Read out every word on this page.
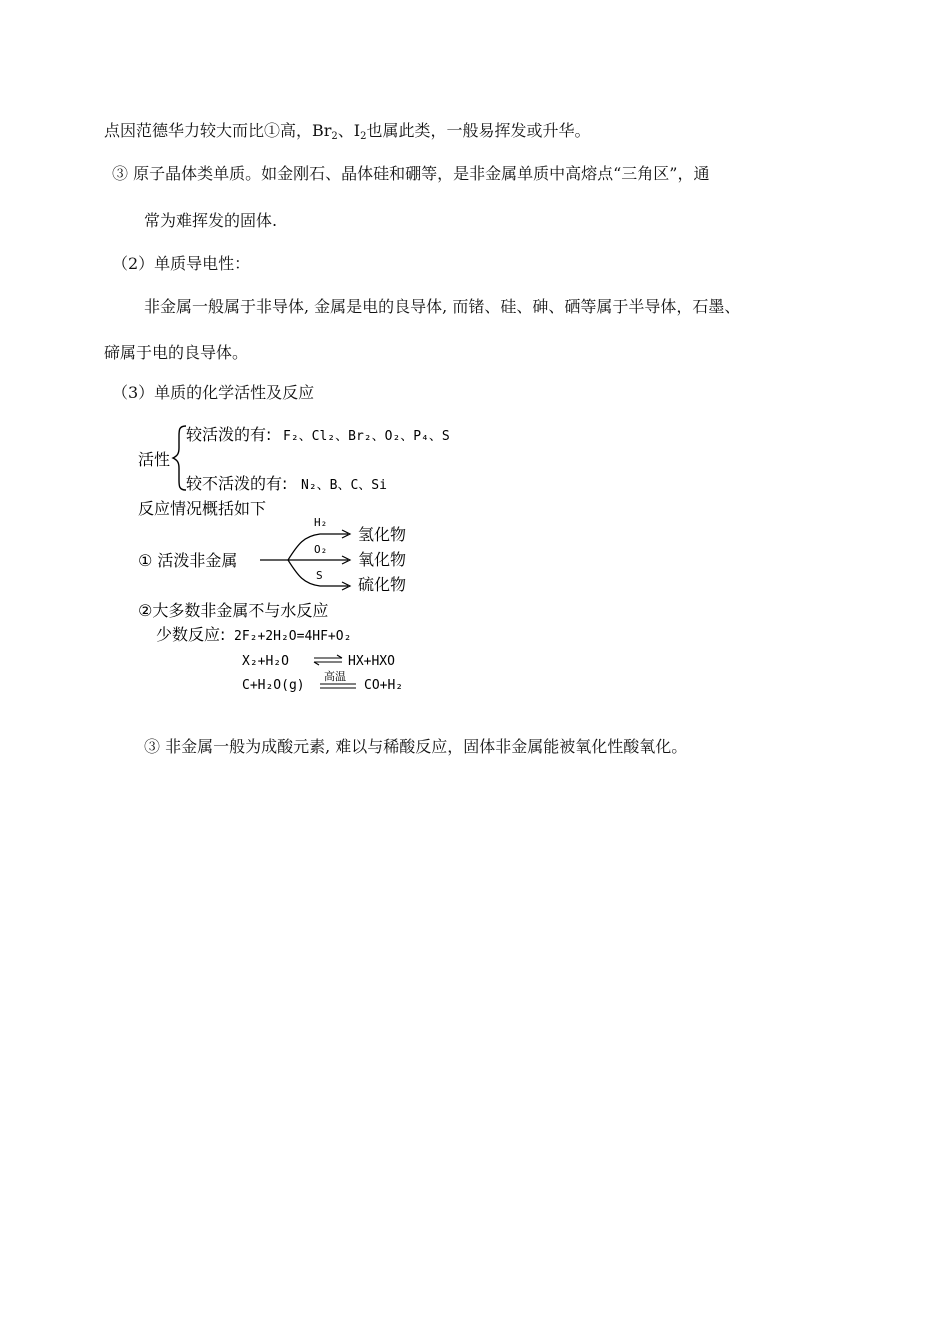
点因范德华力较大而比①高，$Br_2$、$I_2$也属此类，一般易挥发或升华。
③ 原子晶体类单质。如金刚石、晶体硅和硼等，是非金属单质中高熔点“三角区”，通
常为难挥发的固体.
（2）单质导电性：
非金属一般属于非导体, 金属是电的良导体, 而锗、硅、砷、硒等属于半导体，石墨、
碲属于电的良导体。
（3）单质的化学活性及反应
活性
较活泼的有: F₂、Cl₂、Br₂、O₂、P₄、S
较不活泼的有: N₂、B、C、Si
反应情况概括如下
① 活泼非金属
H₂
O₂
S
氢化物
氧化物
硫化物
②大多数非金属不与水反应
少数反应: 2F₂+2H₂O=4HF+O₂
X₂+H₂O	HX+HXO
C+H₂O(g)
高温
CO+H₂
③ 非金属一般为成酸元素, 难以与稀酸反应，固体非金属能被氧化性酸氧化。
